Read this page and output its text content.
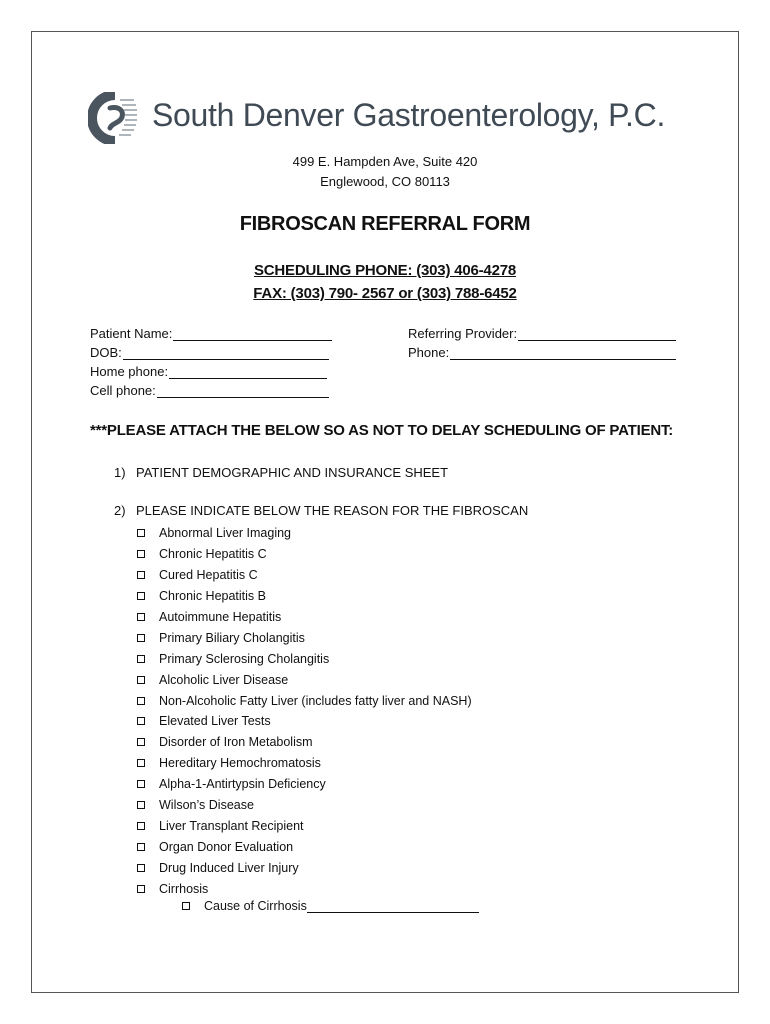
South Denver Gastroenterology, P.C.
499 E. Hampden Ave, Suite 420
Englewood, CO 80113
FIBROSCAN REFERRAL FORM
SCHEDULING PHONE: (303) 406-4278
FAX: (303) 790- 2567 or (303) 788-6452
Patient Name:
DOB:
Home phone:
Cell phone:
Referring Provider:
Phone:
***PLEASE ATTACH THE BELOW SO AS NOT TO DELAY SCHEDULING OF PATIENT:
1) PATIENT DEMOGRAPHIC AND INSURANCE SHEET
2) PLEASE INDICATE BELOW THE REASON FOR THE FIBROSCAN
Abnormal Liver Imaging
Chronic Hepatitis C
Cured Hepatitis C
Chronic Hepatitis B
Autoimmune Hepatitis
Primary Biliary Cholangitis
Primary Sclerosing Cholangitis
Alcoholic Liver Disease
Non-Alcoholic Fatty Liver (includes fatty liver and NASH)
Elevated Liver Tests
Disorder of Iron Metabolism
Hereditary Hemochromatosis
Alpha-1-Antirtypsin Deficiency
Wilson’s Disease
Liver Transplant Recipient
Organ Donor Evaluation
Drug Induced Liver Injury
Cirrhosis
Cause of Cirrhosis
